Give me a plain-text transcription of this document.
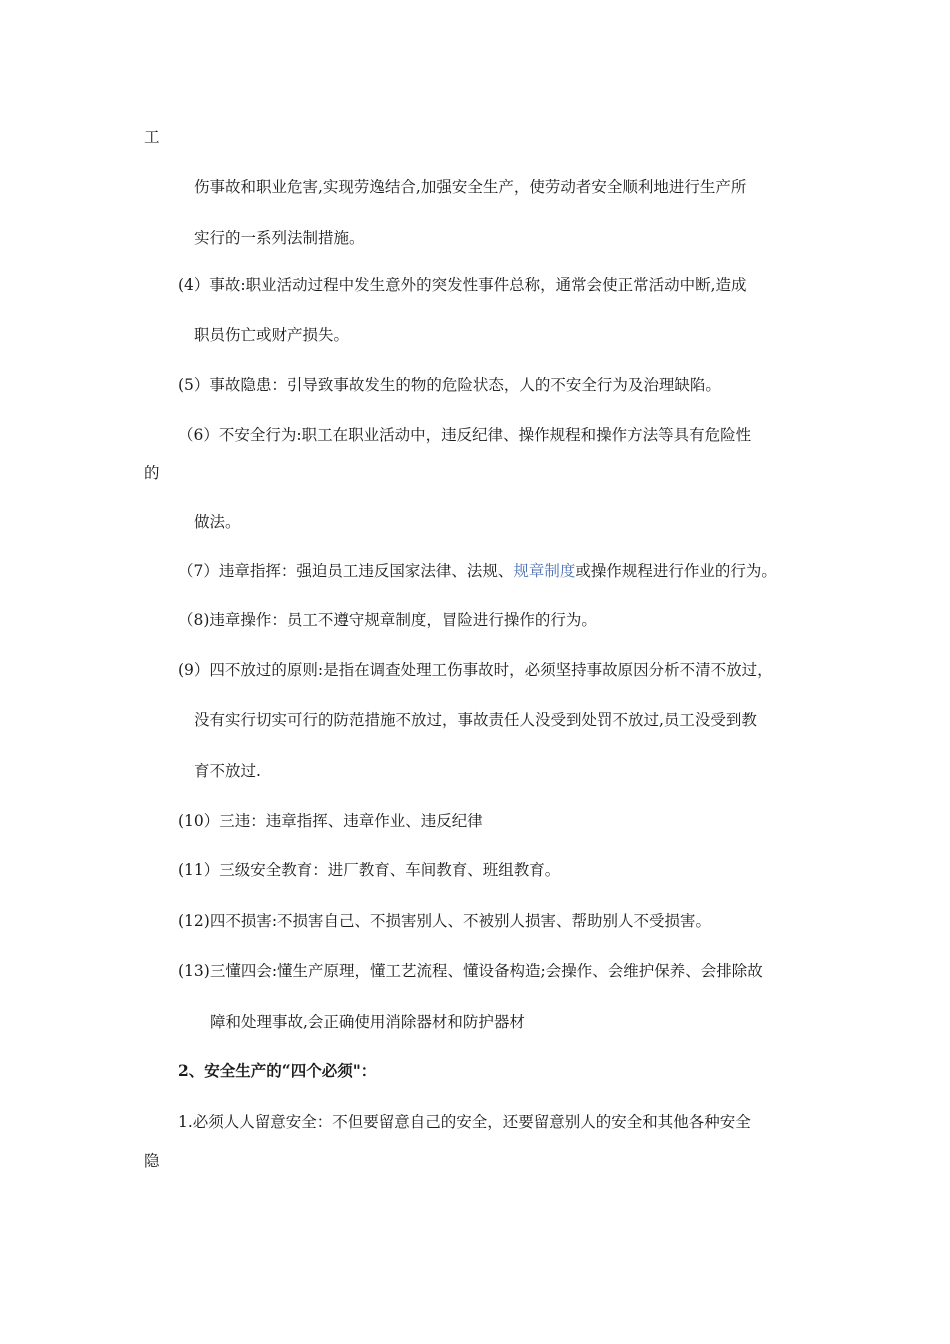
工
伤事故和职业危害,实现劳逸结合,加强安全生产，使劳动者安全顺利地进行生产所
实行的一系列法制措施。
(4）事故:职业活动过程中发生意外的突发性事件总称，通常会使正常活动中断,造成
职员伤亡或财产损失。
(5）事故隐患：引导致事故发生的物的危险状态，人的不安全行为及治理缺陷。
（6）不安全行为:职工在职业活动中，违反纪律、操作规程和操作方法等具有危险性
的
做法。
（7）违章指挥：强迫员工违反国家法律、法规、规章制度或操作规程进行作业的行为。
（8)违章操作：员工不遵守规章制度，冒险进行操作的行为。
(9）四不放过的原则:是指在调查处理工伤事故时，必须坚持事故原因分析不清不放过，
没有实行切实可行的防范措施不放过，事故责任人没受到处罚不放过,员工没受到教
育不放过.
(10）三违：违章指挥、违章作业、违反纪律
(11）三级安全教育：进厂教育、车间教育、班组教育。
(12)四不损害:不损害自己、不损害别人、不被别人损害、帮助别人不受损害。
(13)三懂四会:懂生产原理，懂工艺流程、懂设备构造;会操作、会维护保养、会排除故
障和处理事故,会正确使用消除器材和防护器材
2、安全生产的“四个必须"：
1.必须人人留意安全：不但要留意自己的安全，还要留意别人的安全和其他各种安全
隐
